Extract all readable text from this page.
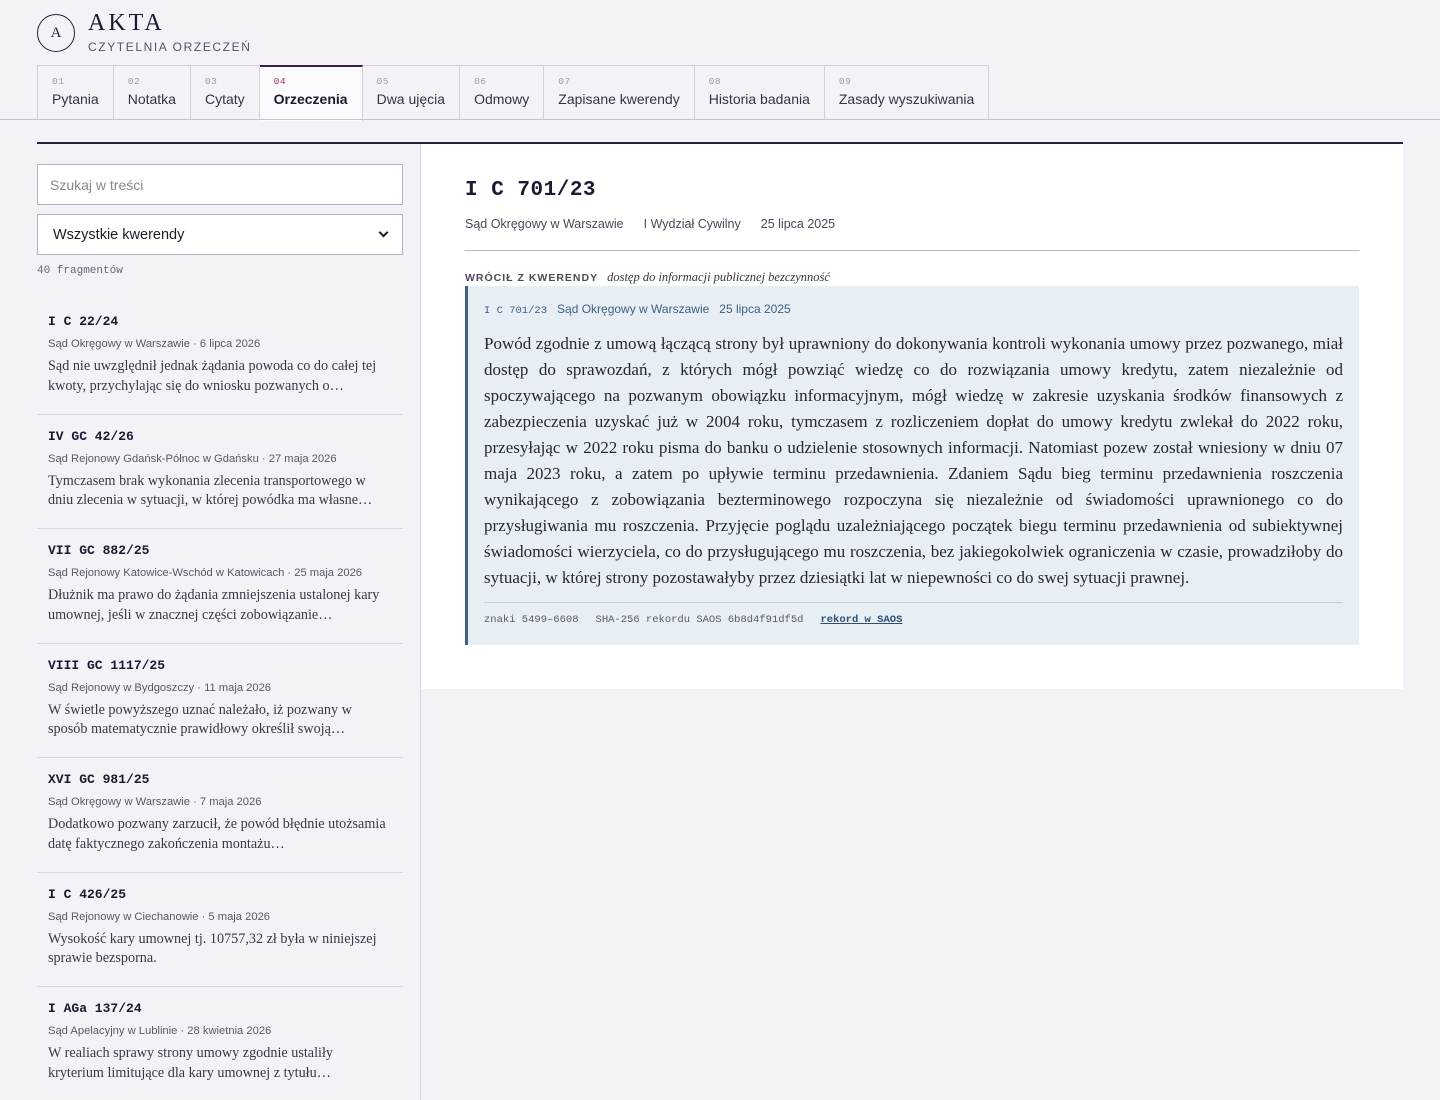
A AKTA
CZYTELNIA ORZECZEŃ
01
Pytania
02
Notatka
03
Cytaty
04
Orzeczenia
05
Dwa ujęcia
06
Odmowy
07
Zapisane kwerendy
08
Historia badania
09
Zasady wyszukiwania
Szukaj w treści
Wszystkie kwerendy
40 fragmentów
I C 22/24
Sąd Okręgowy w Warszawie · 6 lipca 2026
Sąd nie uwzględnił jednak żądania powoda co do całej tej kwoty, przychylając się do wniosku pozwanych o…
IV GC 42/26
Sąd Rejonowy Gdańsk-Północ w Gdańsku · 27 maja 2026
Tymczasem brak wykonania zlecenia transportowego w dniu zlecenia w sytuacji, w której powódka ma własne…
VII GC 882/25
Sąd Rejonowy Katowice-Wschód w Katowicach · 25 maja 2026
Dłużnik ma prawo do żądania zmniejszenia ustalonej kary umownej, jeśli w znacznej części zobowiązanie…
VIII GC 1117/25
Sąd Rejonowy w Bydgoszczy · 11 maja 2026
W świetle powyższego uznać należało, iż pozwany w sposób matematycznie prawidłowy określił swoją…
XVI GC 981/25
Sąd Okręgowy w Warszawie · 7 maja 2026
Dodatkowo pozwany zarzucił, że powód błędnie utożsamia datę faktycznego zakończenia montażu…
I C 426/25
Sąd Rejonowy w Ciechanowie · 5 maja 2026
Wysokość kary umownej tj. 10757,32 zł była w niniejszej sprawie bezsporna.
I AGa 137/24
Sąd Apelacyjny w Lublinie · 28 kwietnia 2026
W realiach sprawy strony umowy zgodnie ustaliły kryterium limitujące dla kary umownej z tytułu…
I C 701/23
Sąd Okręgowy w Warszawie I Wydział Cywilny 25 lipca 2025
WRÓCIŁ Z KWERENDY dostęp do informacji publicznej bezczynność
I C 701/23 Sąd Okręgowy w Warszawie 25 lipca 2025

Powód zgodnie z umową łączącą strony był uprawniony do dokonywania kontroli wykonania umowy przez pozwanego, miał dostęp do sprawozdań, z których mógł powziąć wiedzę co do rozwiązania umowy kredytu, zatem niezależnie od spoczywającego na pozwanym obowiązku informacyjnym, mógł wiedzę w zakresie uzyskania środków finansowych z zabezpieczenia uzyskać już w 2004 roku, tymczasem z rozliczeniem dopłat do umowy kredytu zwlekał do 2022 roku, przesyłając w 2022 roku pisma do banku o udzielenie stosownych informacji. Natomiast pozew został wniesiony w dniu 07 maja 2023 roku, a zatem po upływie terminu przedawnienia. Zdaniem Sądu bieg terminu przedawnienia roszczenia wynikającego z zobowiązania bezterminowego rozpoczyna się niezależnie od świadomości uprawnionego co do przysługiwania mu roszczenia. Przyjęcie poglądu uzależniającego początek biegu terminu przedawnienia od subiektywnej świadomości wierzyciela, co do przysługującego mu roszczenia, bez jakiegokolwiek ograniczenia w czasie, prowadziłoby do sytuacji, w której strony pozostawałyby przez dziesiątki lat w niepewności co do swej sytuacji prawnej.

znaki 5499–6608 SHA-256 rekordu SAOS 6b8d4f91df5d rekord w SAOS
